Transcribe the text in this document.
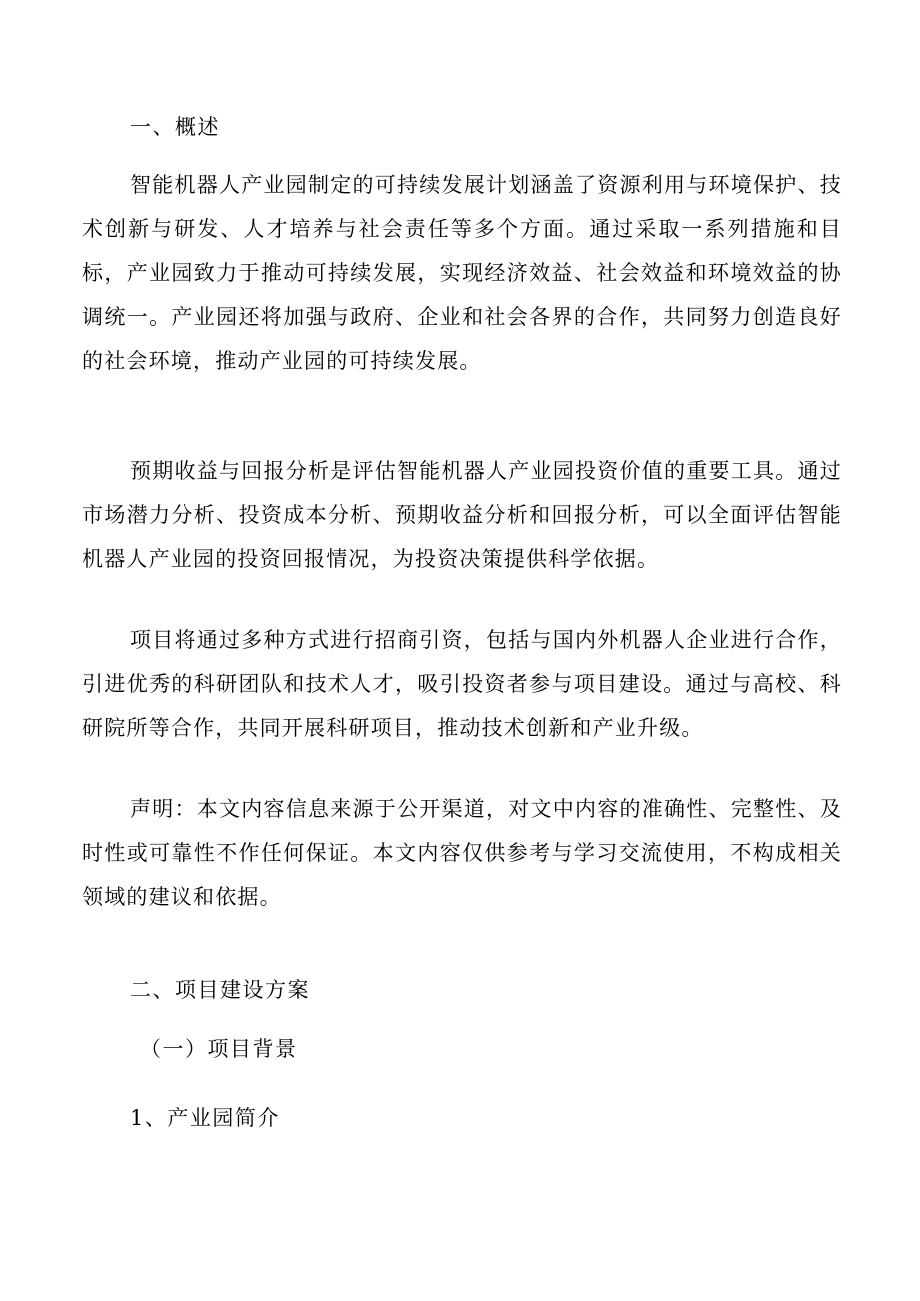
一、概述

智能机器人产业园制定的可持续发展计划涵盖了资源利用与环境保护、技术创新与研发、人才培养与社会责任等多个方面。通过采取一系列措施和目标，产业园致力于推动可持续发展，实现经济效益、社会效益和环境效益的协调统一。产业园还将加强与政府、企业和社会各界的合作，共同努力创造良好的社会环境，推动产业园的可持续发展。

预期收益与回报分析是评估智能机器人产业园投资价值的重要工具。通过市场潜力分析、投资成本分析、预期收益分析和回报分析，可以全面评估智能机器人产业园的投资回报情况，为投资决策提供科学依据。

项目将通过多种方式进行招商引资，包括与国内外机器人企业进行合作，引进优秀的科研团队和技术人才，吸引投资者参与项目建设。通过与高校、科研院所等合作，共同开展科研项目，推动技术创新和产业升级。

声明：本文内容信息来源于公开渠道，对文中内容的准确性、完整性、及时性或可靠性不作任何保证。本文内容仅供参考与学习交流使用，不构成相关领域的建议和依据。

二、项目建设方案

（一）项目背景

1、产业园简介
